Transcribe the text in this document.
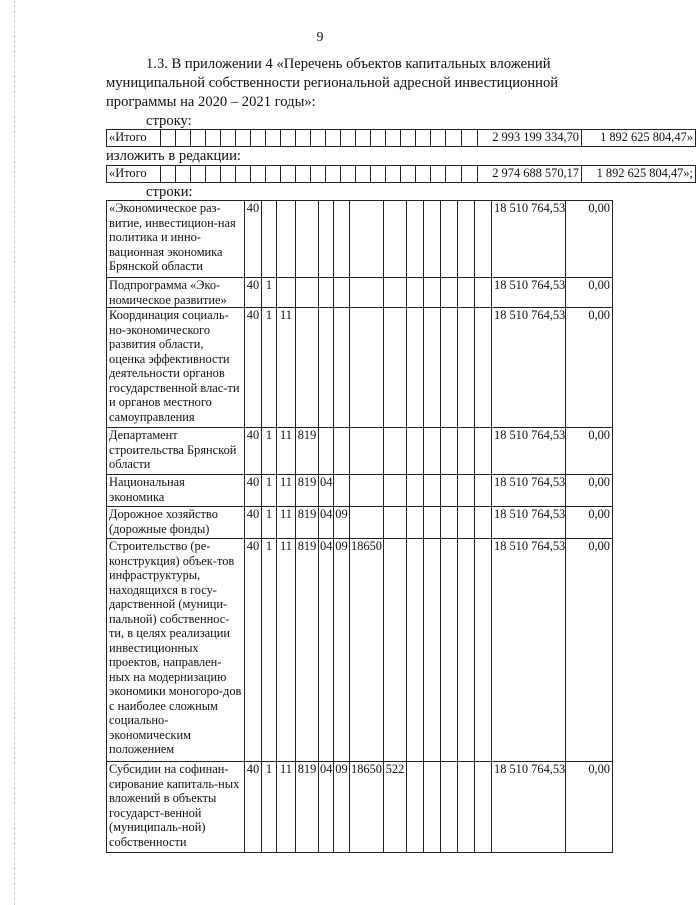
9
1.3. В приложении 4 «Перечень объектов капитальных вложений
муниципальной собственности региональной адресной инвестиционной
программы на 2020 – 2021 годы»:
строку:
«Итого																						2 993 199 334,70	1 892 625 804,47»
изложить в редакции:
«Итого																						2 974 688 570,17	1 892 625 804,47»;
строки:
«Экономическое раз-витие, инвестицион-ная политика и инно-вационная экономика Брянской области	40													18 510 764,53	0,00
Подпрограмма «Эко-номическое развитие»	40	1												18 510 764,53	0,00
Координация социаль-но-экономического развития области, оценка эффективности деятельности органов государственной влас-ти и органов местного самоуправления	40	1	11											18 510 764,53	0,00
Департамент строительства Брянской области	40	1	11	819										18 510 764,53	0,00
Национальная экономика	40	1	11	819	04									18 510 764,53	0,00
Дорожное хозяйство (дорожные фонды)	40	1	11	819	04	09								18 510 764,53	0,00
Строительство (ре-конструкция) объек-тов инфраструктуры, находящихся в госу-дарственной (муници-пальной) собственнос-ти, в целях реализации инвестиционных проектов, направлен-ных на модернизацию экономики моногоро-дов с наиболее сложным социально-экономическим положением	40	1	11	819	04	09	18650							18 510 764,53	0,00
Субсидии на софинан-сирование капиталь-ных вложений в объекты государст-венной (муниципаль-ной) собственности	40	1	11	819	04	09	18650	522						18 510 764,53	0,00
